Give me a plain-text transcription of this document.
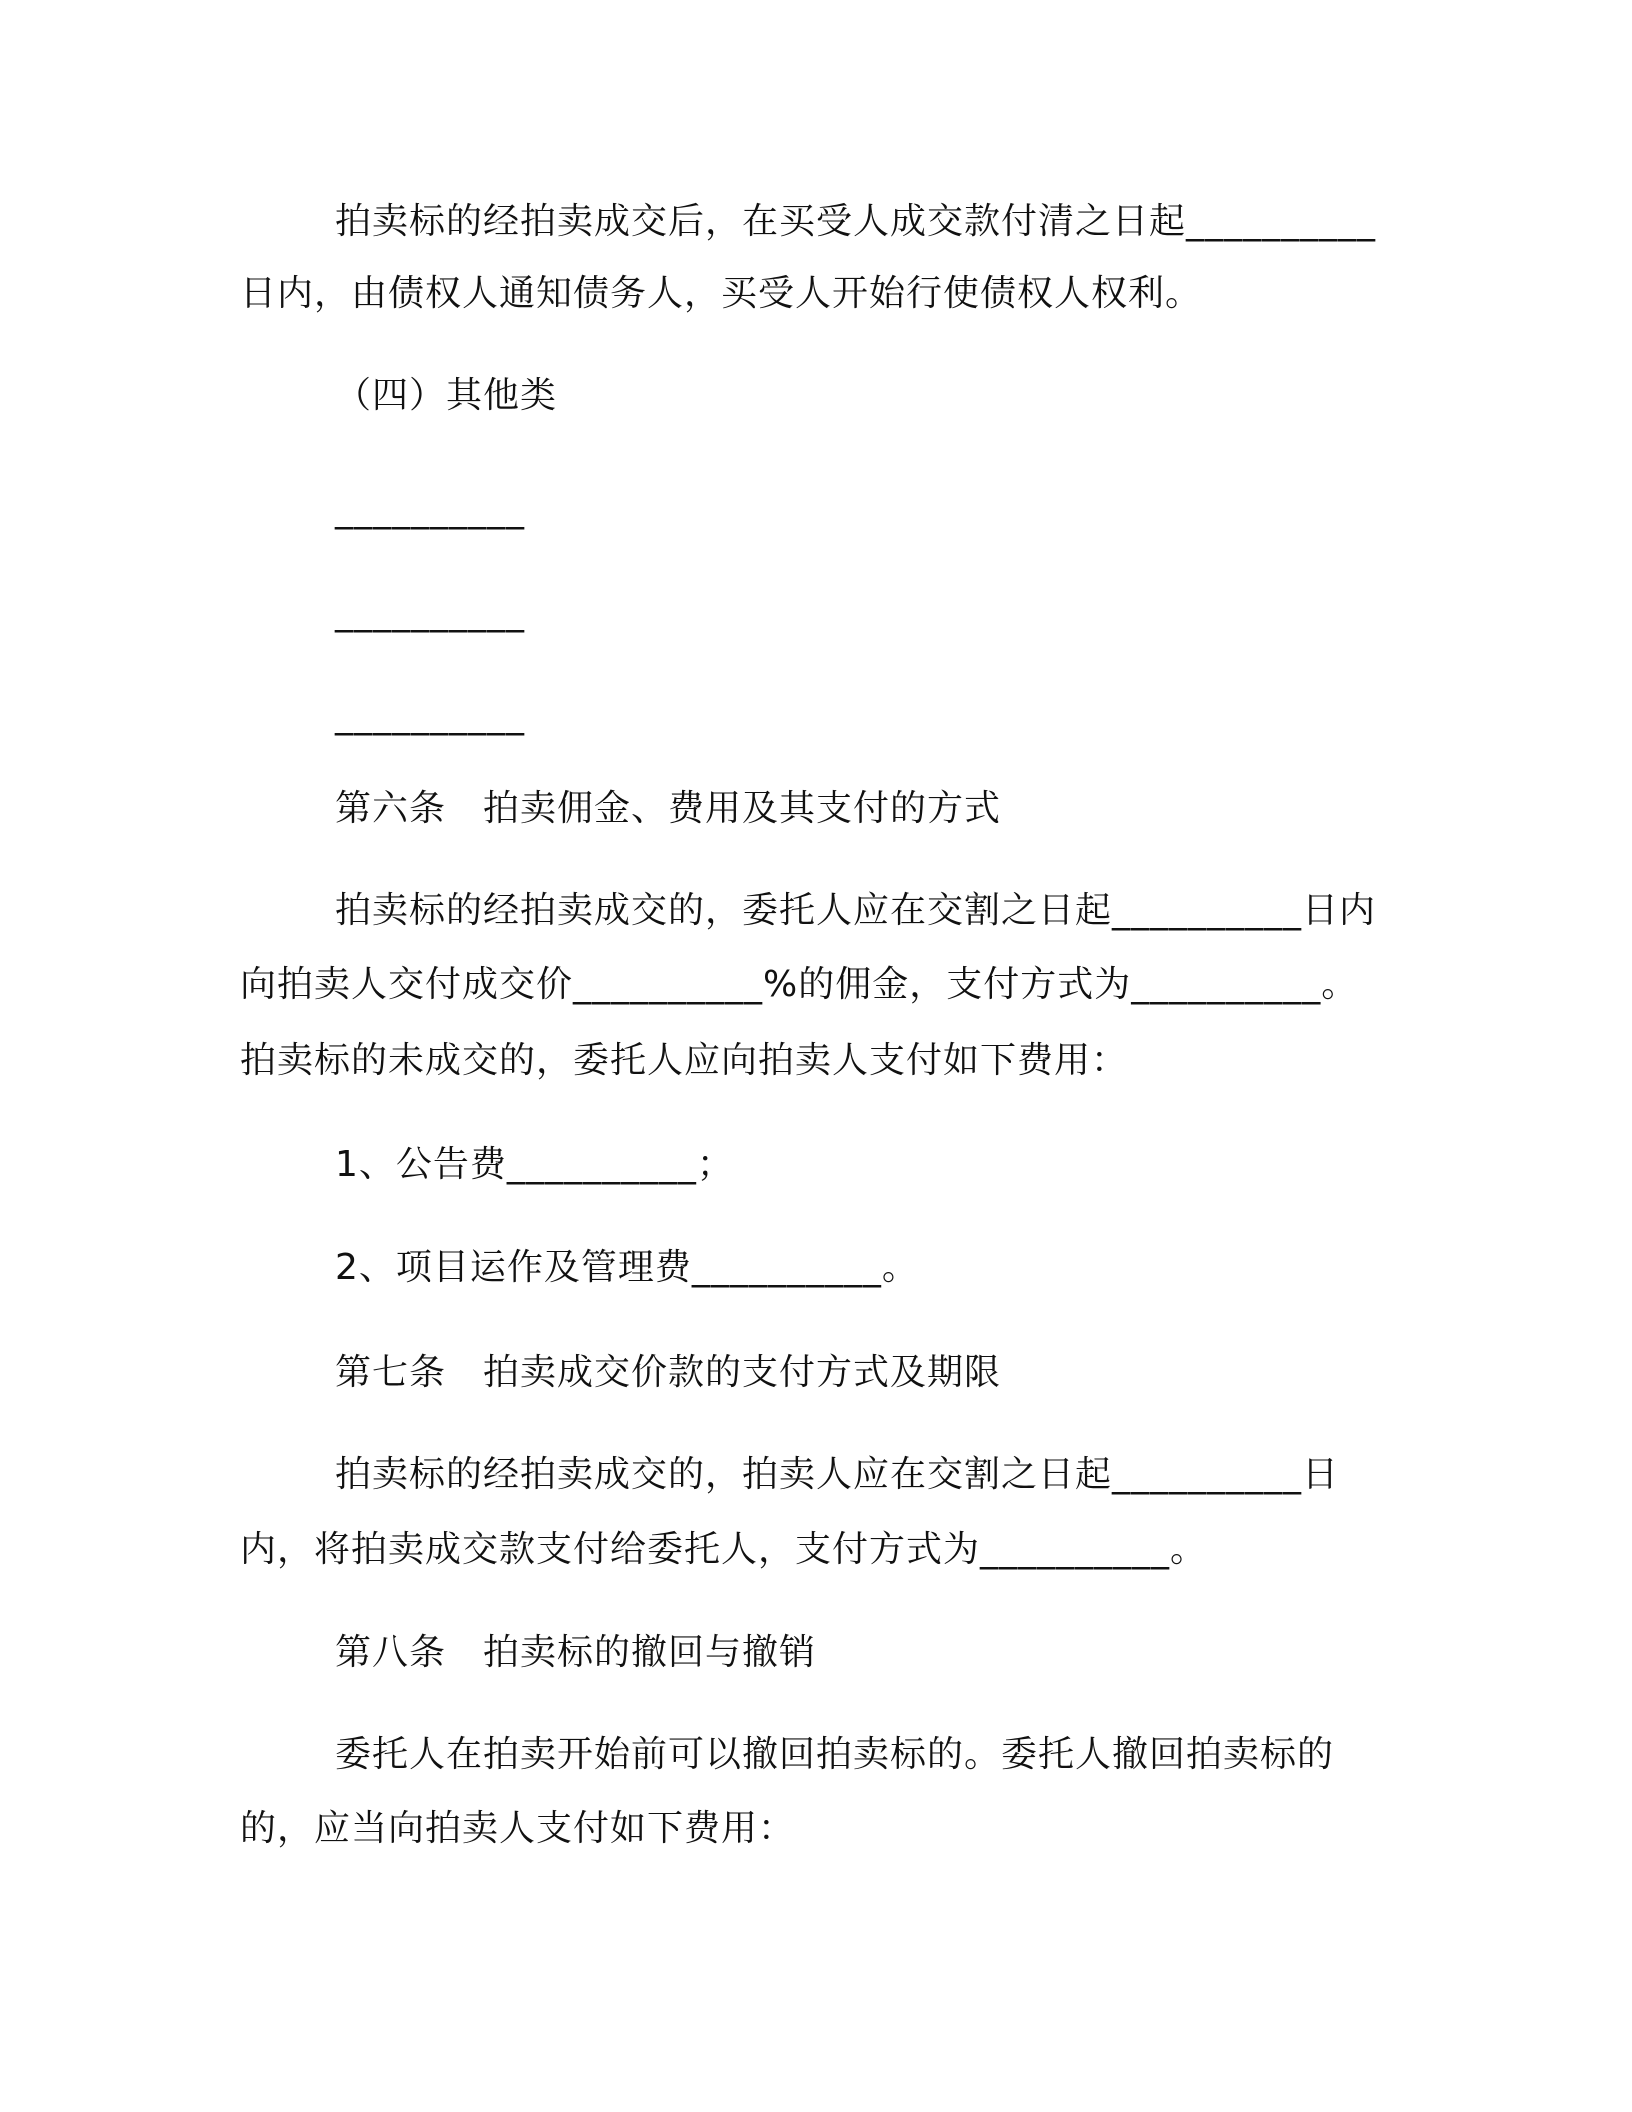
拍卖标的经拍卖成交后，在买受人成交款付清之日起__________
日内，由债权人通知债务人，买受人开始行使债权人权利。
（四）其他类
__________
__________
__________
第六条　拍卖佣金、费用及其支付的方式
拍卖标的经拍卖成交的，委托人应在交割之日起__________日内
向拍卖人交付成交价__________%的佣金，支付方式为__________。
拍卖标的未成交的，委托人应向拍卖人支付如下费用：
1、公告费__________；
2、项目运作及管理费__________。
第七条　拍卖成交价款的支付方式及期限
拍卖标的经拍卖成交的，拍卖人应在交割之日起__________日
内，将拍卖成交款支付给委托人，支付方式为__________。
第八条　拍卖标的撤回与撤销
委托人在拍卖开始前可以撤回拍卖标的。委托人撤回拍卖标的
的，应当向拍卖人支付如下费用：
